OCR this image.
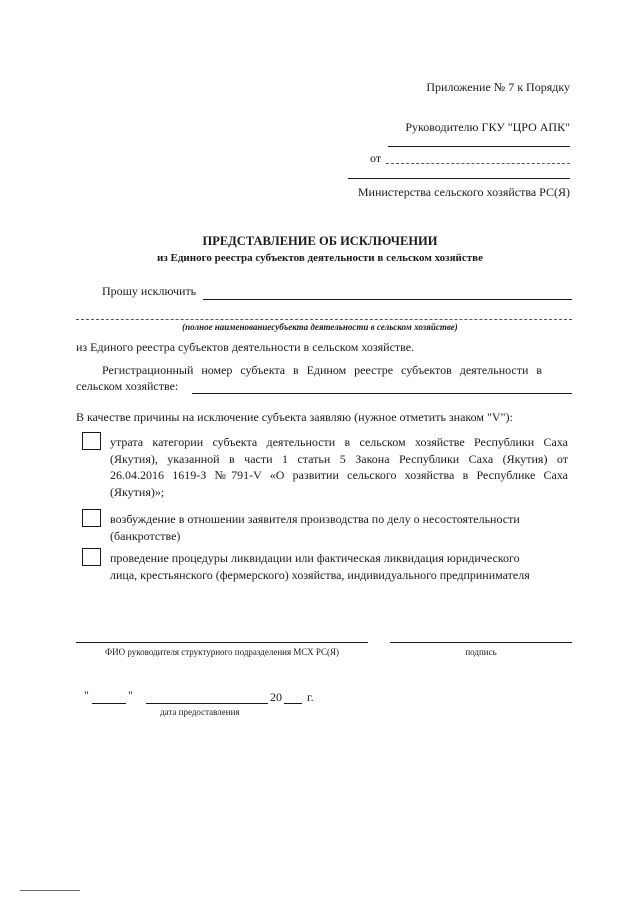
Приложение № 7 к Порядку
Руководителю ГКУ "ЦРО АПК"
от
Министерства сельского хозяйства РС(Я)
ПРЕДСТАВЛЕНИЕ ОБ ИСКЛЮЧЕНИИ
из Единого реестра субъектов деятельности в сельском хозяйстве
Прошу исключить
(полное наименованиесубъекта деятельности в сельском хозяйстве)
из Единого реестра субъектов деятельности в сельском хозяйстве.
Регистрационный номер субъекта в Едином реестре субъектов деятельности в
сельском хозяйстве:
В качестве причины на исключение субъекта заявляю (нужное отметить знаком "V"):
утрата категории субъекта деятельности в сельском хозяйстве Республики Саха
(Якутия), указанной в части 1 статьи 5 Закона Республики Саха (Якутия) от
26.04.2016 1619-З №791-V «О развитии сельского хозяйства в Республике Саха
(Якутия)»;
возбуждение в отношении заявителя производства по делу о несостоятельности
(банкротстве)
проведение процедуры ликвидации или фактическая ликвидация юридического
лица, крестьянского (фермерского) хозяйства, индивидуального предпринимателя
ФИО руководителя структурного подразделения МСХ РС(Я)	подпись
"	"	20 г.
дата предоставления
